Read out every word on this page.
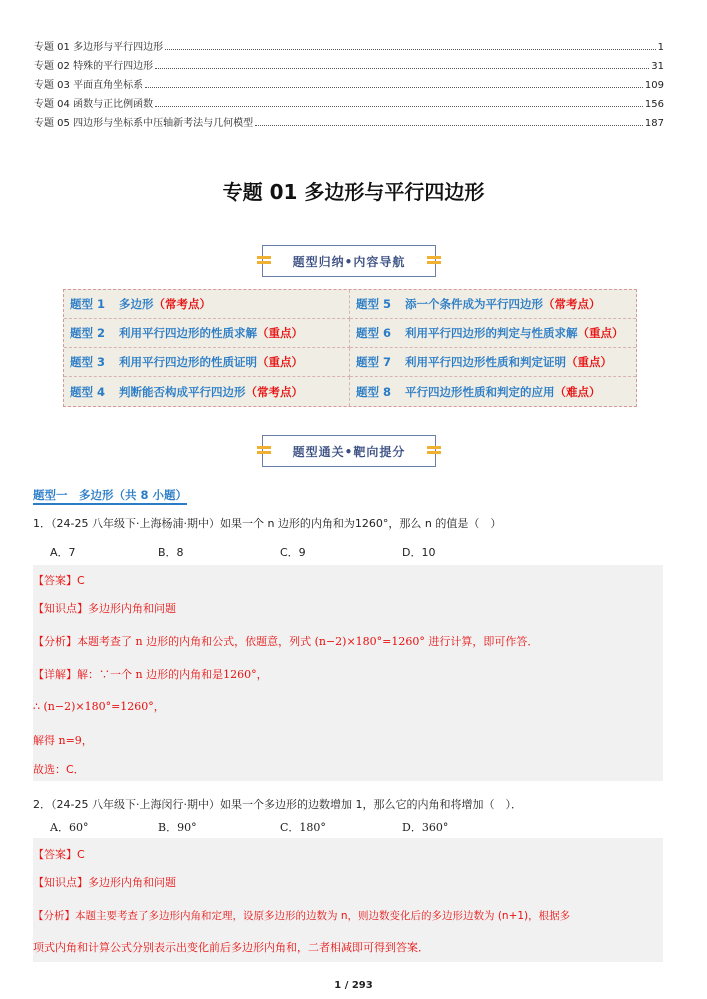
专题 01 多边形与平行四边形	1
专题 02 特殊的平行四边形	31
专题 03 平面直角坐标系	109
专题 04 函数与正比例函数	156
专题 05 四边形与坐标系中压轴新考法与几何模型	187
专题 01 多边形与平行四边形
题型归纳•内容导航
题型 1 多边形 （常考点）	题型 5 添一个条件成为平行四边形 （常考点）
题型 2 利用平行四边形的性质求解 （重点）	题型 6 利用平行四边形的判定与性质求解 （重点）
题型 3 利用平行四边形的性质证明 （重点）	题型 7 利用平行四边形性质和判定证明 （重点）
题型 4 判断能否构成平行四边形 （常考点）	题型 8 平行四边形性质和判定的应用 （难点）
题型通关•靶向提分
题型一　多边形（共 8 小题）
1．（24-25 八年级下·上海杨浦·期中）如果一个 n 边形的内角和为1260°，那么 n 的值是（　）
A．7	B．8	C．9	D．10
【答案】C
【知识点】多边形内角和问题
【分析】本题考查了 n 边形的内角和公式，依题意，列式 (n−2)×180°=1260° 进行计算，即可作答．
【详解】解：∵一个 n 边形的内角和是1260°，
∴ (n−2)×180°=1260°，
解得 n=9，
故选：C．
2．（24-25 八年级下·上海闵行·期中）如果一个多边形的边数增加 1，那么它的内角和将增加（　）．
A．60°	B．90°	C．180°	D．360°
【答案】C
【知识点】多边形内角和问题
【分析】本题主要考查了多边形内角和定理，设原多边形的边数为 n，则边数变化后的多边形边数为 (n+1)，根据多
项式内角和计算公式分别表示出变化前后多边形内角和，二者相减即可得到答案．
1 / 293
